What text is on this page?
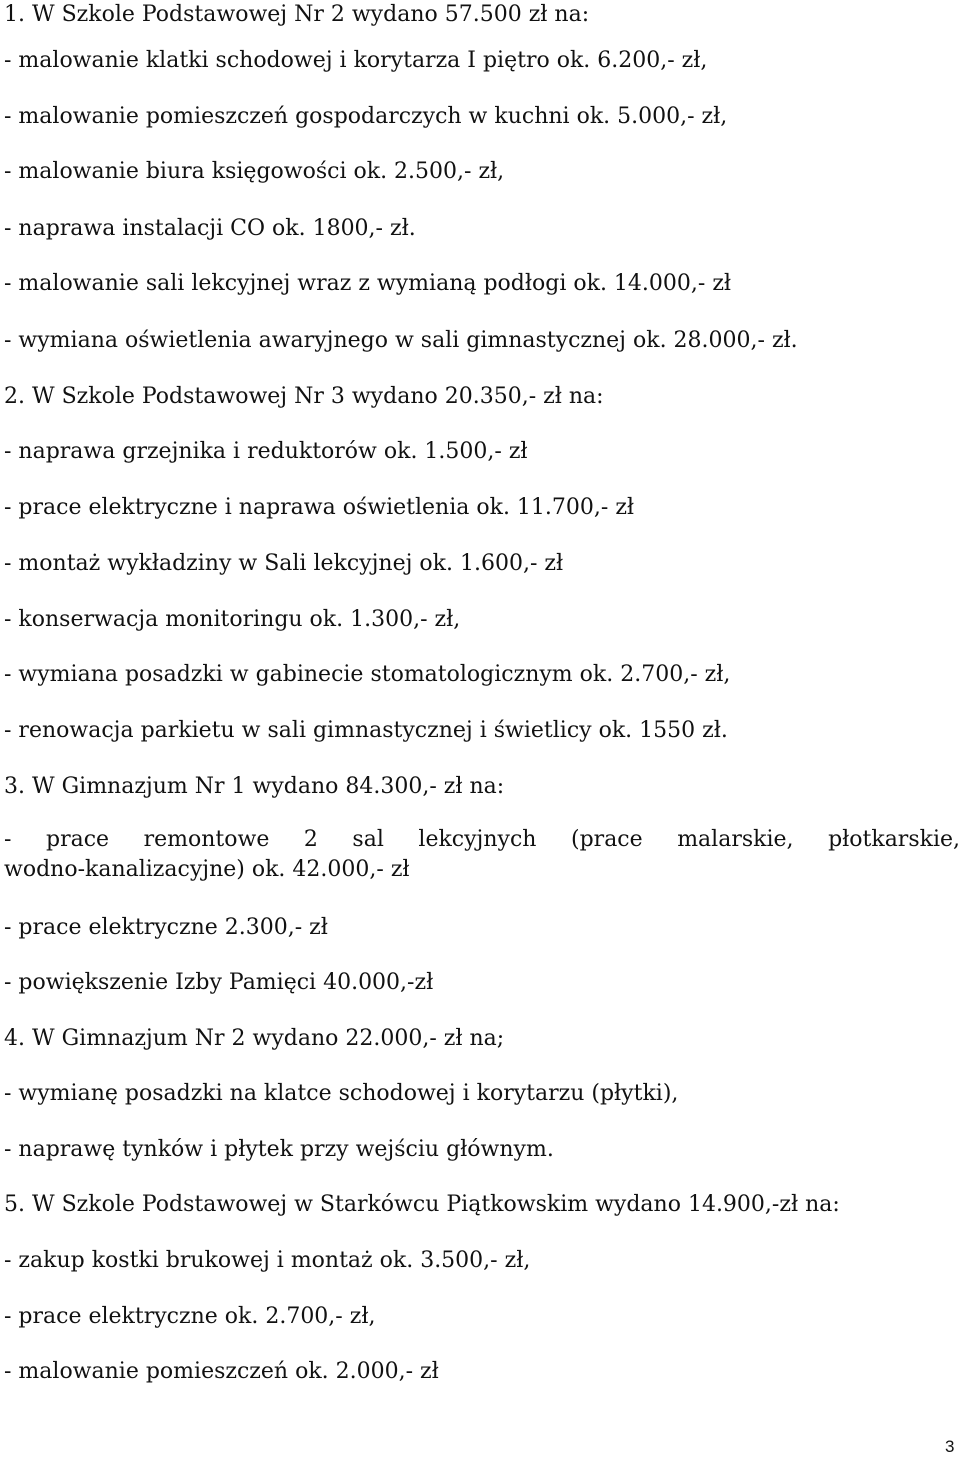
1. W Szkole Podstawowej Nr 2 wydano 57.500 zł na:
- malowanie klatki schodowej i korytarza I piętro ok. 6.200,- zł,
- malowanie pomieszczeń gospodarczych w kuchni ok. 5.000,- zł,
- malowanie biura księgowości ok. 2.500,- zł,
- naprawa instalacji CO ok. 1800,- zł.
- malowanie sali lekcyjnej wraz z wymianą podłogi ok. 14.000,- zł
- wymiana oświetlenia awaryjnego w sali gimnastycznej ok. 28.000,- zł.
2. W Szkole Podstawowej Nr 3 wydano 20.350,- zł na:
- naprawa grzejnika i reduktorów ok. 1.500,- zł
- prace elektryczne i naprawa oświetlenia ok. 11.700,- zł
- montaż wykładziny w Sali lekcyjnej ok. 1.600,- zł
- konserwacja monitoringu ok. 1.300,- zł,
- wymiana posadzki w gabinecie stomatologicznym ok. 2.700,- zł,
- renowacja parkietu w sali gimnastycznej i świetlicy ok. 1550 zł.
3. W Gimnazjum Nr 1 wydano 84.300,- zł na:
- prace remontowe 2 sal lekcyjnych (prace malarskie, płotkarskie,
wodno-kanalizacyjne) ok. 42.000,- zł
- prace elektryczne 2.300,- zł
- powiększenie Izby Pamięci 40.000,-zł
4. W Gimnazjum Nr 2 wydano 22.000,- zł na;
- wymianę posadzki na klatce schodowej i korytarzu (płytki),
- naprawę tynków i płytek przy wejściu głównym.
5. W Szkole Podstawowej w Starkówcu Piątkowskim wydano 14.900,-zł na:
- zakup kostki brukowej i montaż ok. 3.500,- zł,
- prace elektryczne ok. 2.700,- zł,
- malowanie pomieszczeń ok. 2.000,- zł
3
